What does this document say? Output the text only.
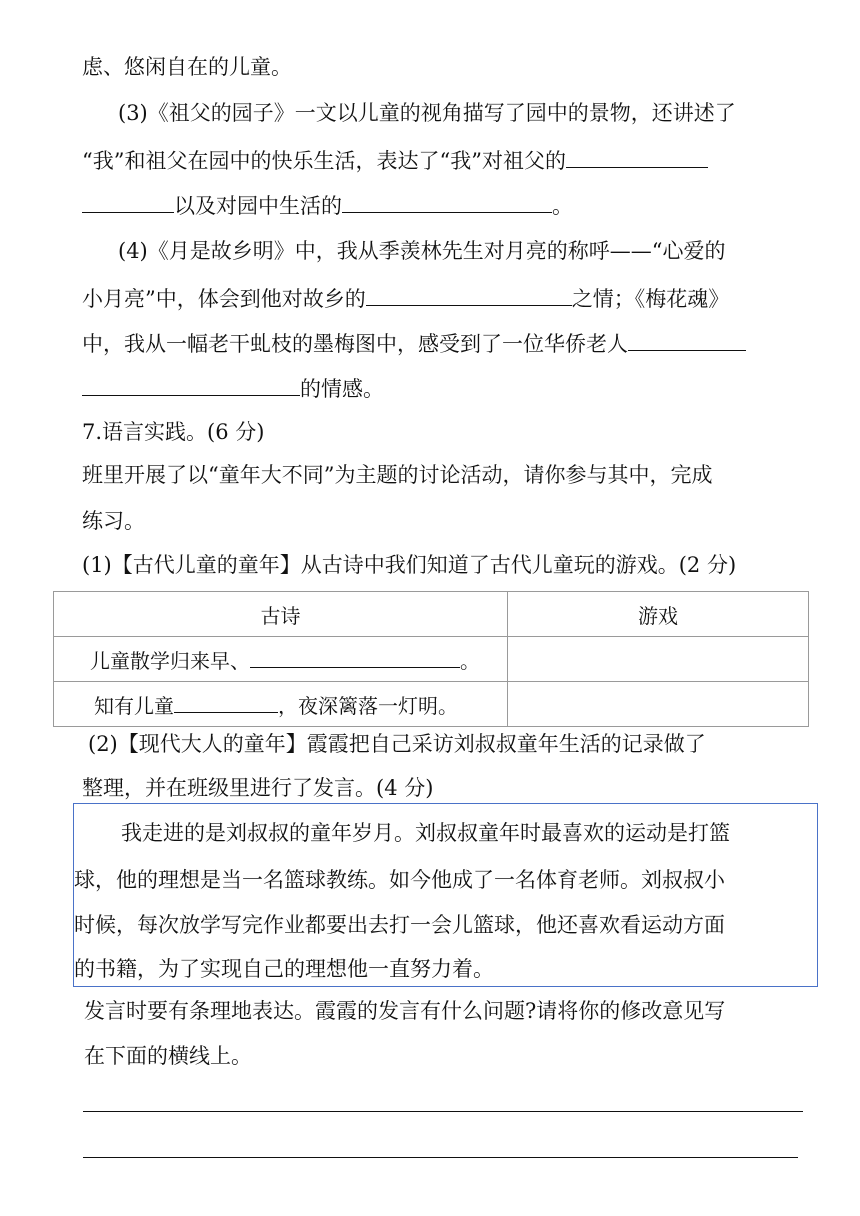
虑、悠闲自在的儿童。
(3)《祖父的园子》一文以儿童的视角描写了园中的景物，还讲述了
“我”和祖父在园中的快乐生活，表达了“我”对祖父的
以及对园中生活的	。
(4)《月是故乡明》中，我从季羡林先生对月亮的称呼——“心爱的
小月亮”中，体会到他对故乡的	之情；《梅花魂》
中，我从一幅老干虬枝的墨梅图中，感受到了一位华侨老人
的情感。
7.语言实践。(6 分)
班里开展了以“童年大不同”为主题的讨论活动，请你参与其中，完成
练习。
(1)【古代儿童的童年】从古诗中我们知道了古代儿童玩的游戏。(2 分)
古诗	游戏
儿童散学归来早、 。	
知有儿童 ，夜深篱落一灯明。	
(2)【现代大人的童年】霞霞把自己采访刘叔叔童年生活的记录做了
整理，并在班级里进行了发言。(4 分)
我走进的是刘叔叔的童年岁月。刘叔叔童年时最喜欢的运动是打篮
球，他的理想是当一名篮球教练。如今他成了一名体育老师。刘叔叔小
时候，每次放学写完作业都要出去打一会儿篮球，他还喜欢看运动方面
的书籍，为了实现自己的理想他一直努力着。
发言时要有条理地表达。霞霞的发言有什么问题?请将你的修改意见写
在下面的横线上。
